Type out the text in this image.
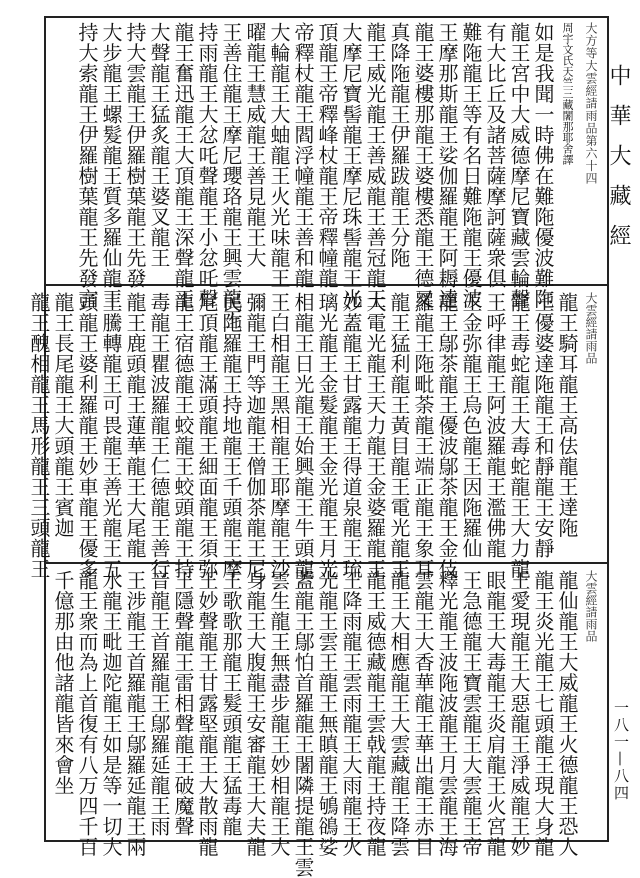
大方等大雲經請雨品第六十四
周宇文氏天竺三藏闍那耶舍譯
如是我聞一時佛在難陁優波難陁
龍王宮中大威德摩尼寶藏雲輪聲
有大比丘及諸菩薩摩訶薩衆俱
難陁龍王等有名日難陁龍王優波
王摩那斯龍王娑伽羅龍王阿耨達
龍王婆樓那龍王婆樓悉龍王德叉
真降陁龍王伊羅跋龍王分陁
龍王威光龍王善威龍王善冠龍王
大摩尼寶髻龍王摩尼珠髻龍王光
頂龍王帝釋峰杖龍王帝釋幢龍
帝釋杖龍王閻浮幢龍王善和龍
大輪龍王大蚰龍王火光味龍王
曜龍王慧威龍王善見龍王大
王善住龍王摩尼瓔珞龍王興雲龍王
持雨龍王大忿吒聲龍王小忿吒聲
龍王奮迅龍王大頂龍王深聲龍王
大聲龍王猛炙龍王婆叉龍王
持大雲龍王伊羅樹葉龍王先發
大步龍王螺髮龍王質多羅仙龍王
持大索龍王伊羅樹葉龍王先發言
大雲經請雨品
龍王騎耳龍王高佉龍王達陁
王優婆達陁龍王和靜龍王安靜
龍王毒蛇龍王大毒蛇龍王大力龍
王呼律龍王阿波羅龍王濫佛龍
王金弥龍王烏色龍王因陁羅仙
龍王鄔茶龍王優波鄔茶龍王金伎
羅龍王陁毗荼龍王端正龍王象耳
龍王猛利龍王黃目龍王電光龍王
大電光龍王天力龍王金婆羅龍王
妙蓋龍王甘露龍王得道泉龍王琉
璃光龍王金髮龍王金光龍王月光
相龍王日光龍王始興龍王牛頭龍
王白相龍王黑相龍王耶摩龍王沙
彌龍王門等迦龍王僧伽茶龍王尼
民陁羅龍王持地龍王千頭龍王摩
尼頂龍王滿頭龍王細面龍王須弥
龍王宿德龍王蛟龍王蛟頭龍王持
毒龍王瞿波羅龍王仁德龍王善行
龍王鹿頭龍王蓮華龍王大尾龍
王騰轉龍王可畏龍王善光龍王五
頭龍王婆利羅龍王妙車龍王優多
龍王長尾龍王大頭龍王賓迦
龍王醜相龍王馬形龍王三頭龍王
大雲經請雨品
龍仙龍王大威龍王火德龍王恐人
龍王炎光龍王七頭龍王現大身龍
王愛現龍王大惡龍王淨威龍王妙
眼龍王大毒龍王炎肩龍王火宮龍
王急德龍王寶雲龍王大雲龍王帝
釋光龍王波陁波龍王月雲龍王海
雲龍王大香華龍王華出龍王赤目
龍王大相應龍王大雲藏龍王降雲
龍王威德藏龍王雲戟龍王持夜龍
王降雨龍王雲雨龍王大雨龍王火
光龍王雲王龍王無瞋龍王鴝鵒娑
蓋龍王鄔怕首羅龍王闍隣提龍王雲
雲生龍王無盡步龍王妙相龍王大
身龍王大腹龍王安審龍王大夫龍
王歌歌那龍王髮頭龍王猛毒龍
王妙聲龍王甘露堅龍王大散雨龍
王隱聲龍王雷相聲龍王破魔聲
音龍王首羅龍王鄔羅延龍王雨
王涉龍王首羅龍王鄔羅延龍王兩
水龍王毗迦陀龍王如是等一切大
龍王衆而為上首復有八万四千百
千億那由他諸龍皆來會坐
中華大藏經
一八一—八四
